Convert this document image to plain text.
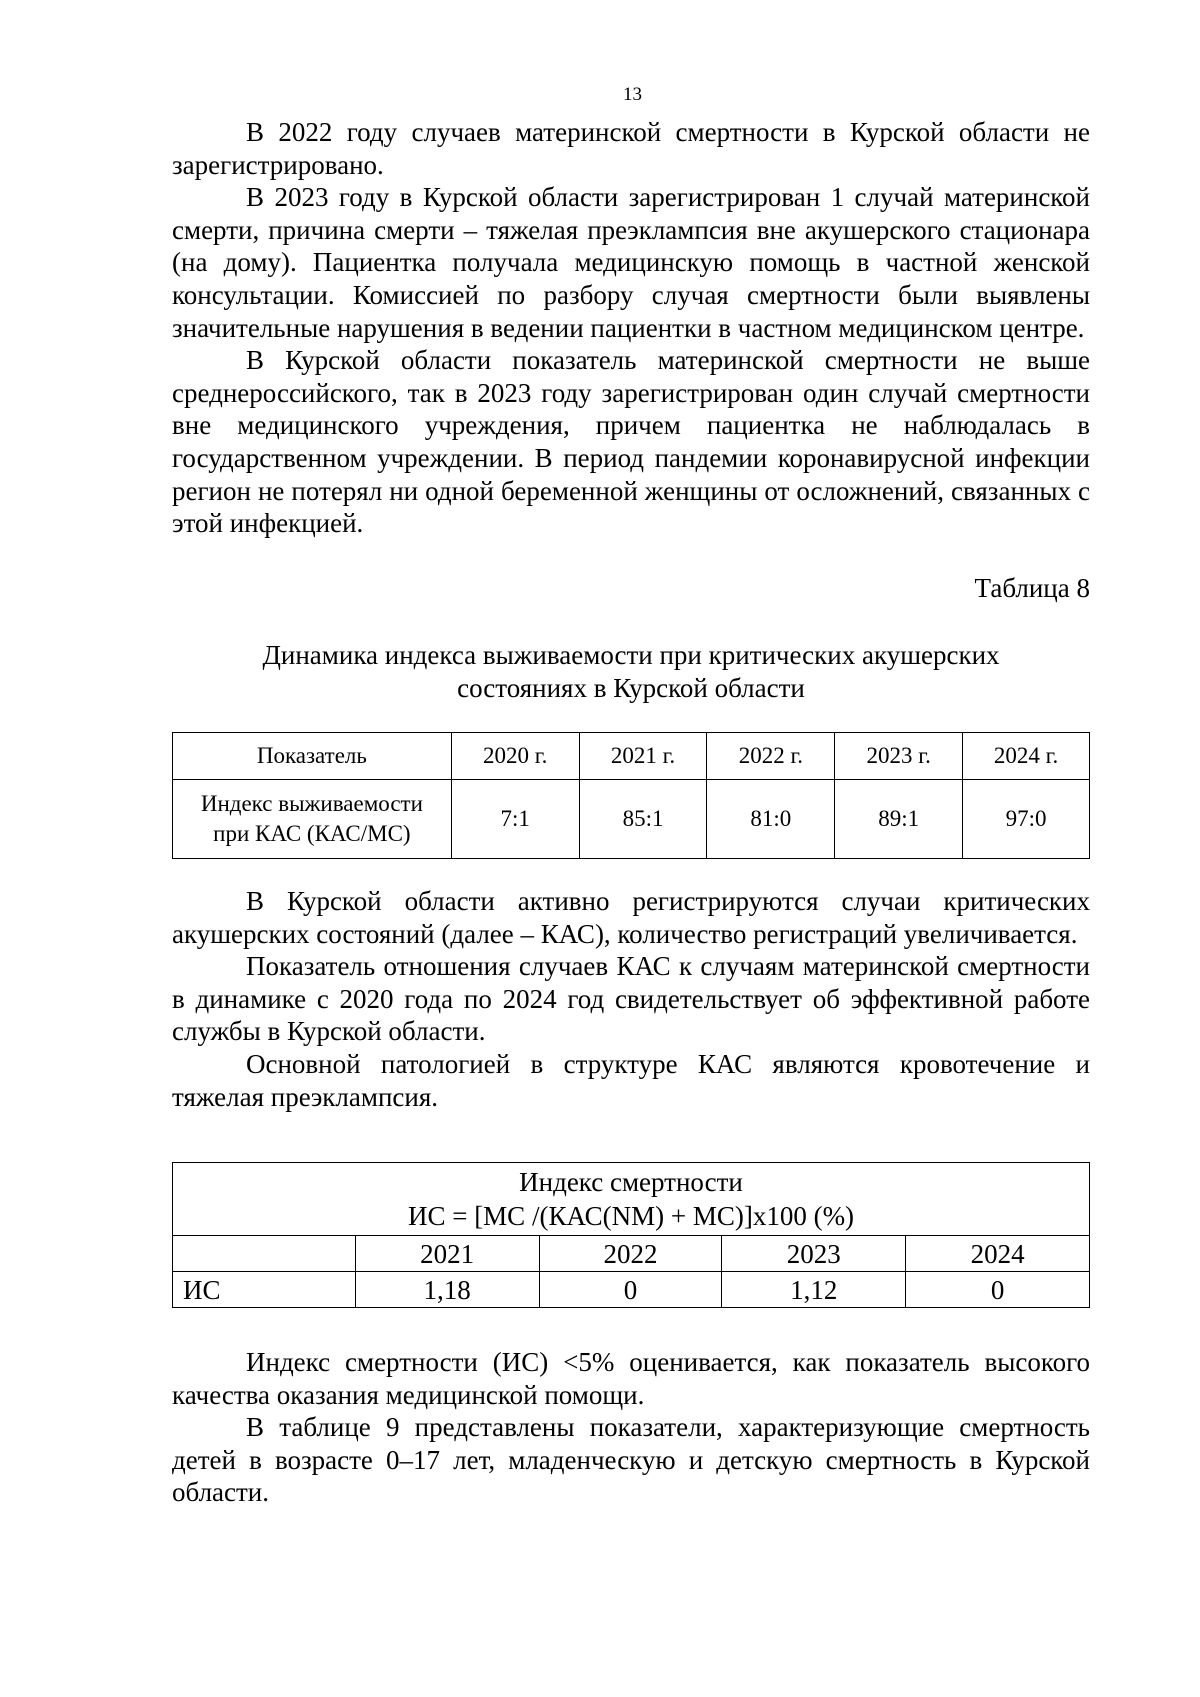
13

В 2022 году случаев материнской смертности в Курской области не зарегистрировано.

В 2023 году в Курской области зарегистрирован 1 случай материнской смерти, причина смерти – тяжелая преэклампсия вне акушерского стационара (на дому). Пациентка получала медицинскую помощь в частной женской консультации. Комиссией по разбору случая смертности были выявлены значительные нарушения в ведении пациентки в частном медицинском центре.

В Курской области показатель материнской смертности не выше среднероссийского, так в 2023 году зарегистрирован один случай смертности вне медицинского учреждения, причем пациентка не наблюдалась в государственном учреждении. В период пандемии коронавирусной инфекции регион не потерял ни одной беременной женщины от осложнений, связанных с этой инфекцией.

Таблица 8
Динамика индекса выживаемости при критических акушерских
состояниях в Курской области
Показатель	2020 г.	2021 г.	2022 г.	2023 г.	2024 г.

Индекс выживаемости
при КАС (КАС/МС)	7:1	85:1	81:0	89:1	97:0

В Курской области активно регистрируются случаи критических акушерских состояний (далее – КАС), количество регистраций увеличивается.

Показатель отношения случаев КАС к случаям материнской смертности в динамике с 2020 года по 2024 год свидетельствует об эффективной работе службы в Курской области.

Основной патологией в структуре КАС являются кровотечение и тяжелая преэклампсия.

Индекс смертности
ИС = [МС /(КАС(NM) + МС)]х100 (%)				

	2021	2022	2023	2024
ИС	1,18	0	1,12	0

Индекс смертности (ИС) <5% оценивается, как показатель высокого качества оказания медицинской помощи.

В таблице 9 представлены показатели, характеризующие смертность детей в возрасте 0–17 лет, младенческую и детскую смертность в Курской области.
